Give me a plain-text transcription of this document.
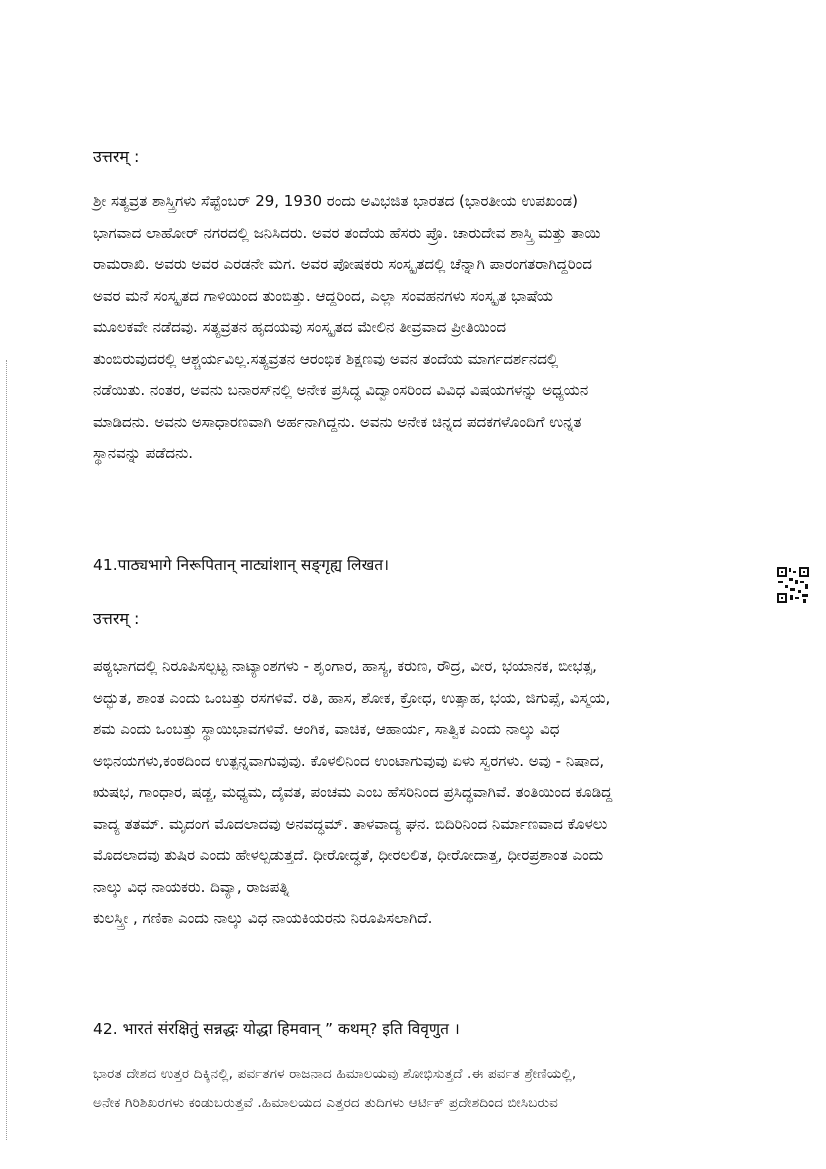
उत्तरम् :
ಶ್ರೀ ಸತ್ಯವ್ರತ ಶಾಸ್ತ್ರಿಗಳು ಸೆಪ್ಟೆಂಬರ್ 29, 1930 ರಂದು ಅವಿಭಜಿತ ಭಾರತದ (ಭಾರತೀಯ ಉಪಖಂಡ)
ಭಾಗವಾದ ಲಾಹೋರ್ ನಗರದಲ್ಲಿ ಜನಿಸಿದರು. ಅವರ ತಂದೆಯ ಹೆಸರು ಪ್ರೊ. ಚಾರುದೇವ ಶಾಸ್ತ್ರಿ ಮತ್ತು ತಾಯಿ
ರಾಮರಾಖಿ. ಅವರು ಅವರ ಎರಡನೇ ಮಗ. ಅವರ ಪೋಷಕರು ಸಂಸ್ಕೃತದಲ್ಲಿ ಚೆನ್ನಾಗಿ ಪಾರಂಗತರಾಗಿದ್ದರಿಂದ
ಅವರ ಮನೆ ಸಂಸ್ಕೃತದ ಗಾಳಿಯಿಂದ ತುಂಬಿತ್ತು. ಆದ್ದರಿಂದ, ಎಲ್ಲಾ ಸಂವಹನಗಳು ಸಂಸ್ಕೃತ ಭಾಷೆಯ
ಮೂಲಕವೇ ನಡೆದವು. ಸತ್ಯವ್ರತನ ಹೃದಯವು ಸಂಸ್ಕೃತದ ಮೇಲಿನ ತೀವ್ರವಾದ ಪ್ರೀತಿಯಿಂದ
ತುಂಬಿರುವುದರಲ್ಲಿ ಆಶ್ಚರ್ಯವಿಲ್ಲ.ಸತ್ಯವ್ರತನ ಆರಂಭಿಕ ಶಿಕ್ಷಣವು ಅವನ ತಂದೆಯ ಮಾರ್ಗದರ್ಶನದಲ್ಲಿ
ನಡೆಯಿತು. ನಂತರ, ಅವನು ಬನಾರಸ್‌ನಲ್ಲಿ ಅನೇಕ ಪ್ರಸಿದ್ಧ ವಿದ್ವಾಂಸರಿಂದ ವಿವಿಧ ವಿಷಯಗಳನ್ನು ಅಧ್ಯಯನ
ಮಾಡಿದನು. ಅವನು ಅಸಾಧಾರಣವಾಗಿ ಅರ್ಹನಾಗಿದ್ದನು. ಅವನು ಅನೇಕ ಚಿನ್ನದ ಪದಕಗಳೊಂದಿಗೆ ಉನ್ನತ
ಸ್ಥಾನವನ್ನು ಪಡೆದನು.
41.पाठ्यभागे निरूपितान् नाट्यांशान् सङ्गृह्य लिखत।
उत्तरम् :
ಪಠ್ಯಭಾಗದಲ್ಲಿ ನಿರೂಪಿಸಲ್ಪಟ್ಟ ನಾಟ್ಯಾಂಶಗಳು - ಶೃಂಗಾರ, ಹಾಸ್ಯ, ಕರುಣ, ರೌದ್ರ, ವೀರ, ಭಯಾನಕ, ಬೀಭತ್ಸ,
ಅದ್ಭುತ, ಶಾಂತ ಎಂದು ಒಂಬತ್ತು ರಸಗಳಿವೆ. ರತಿ, ಹಾಸ, ಶೋಕ, ಕ್ರೋಧ, ಉತ್ಸಾಹ, ಭಯ, ಜಿಗುಪ್ಸೆ, ವಿಸ್ಮಯ,
ಶಮ ಎಂದು ಒಂಬತ್ತು ಸ್ಥಾಯಿಭಾವಗಳಿವೆ. ಆಂಗಿಕ, ವಾಚಿಕ, ಆಹಾರ್ಯ, ಸಾತ್ವಿಕ ಎಂದು ನಾಲ್ಕು ವಿಧ
ಅಭಿನಯಗಳು,ಕಂಠದಿಂದ ಉತ್ಪನ್ನವಾಗುವುವು. ಕೊಳಲಿನಿಂದ ಉಂಟಾಗುವುವು ಏಳು ಸ್ವರಗಳು. ಅವು - ನಿಷಾದ,
ಋಷಭ, ಗಾಂಧಾರ, ಷಡ್ಜ, ಮಧ್ಯಮ, ದೈವತ, ಪಂಚಮ ಎಂಬ ಹೆಸರಿನಿಂದ ಪ್ರಸಿದ್ಧವಾಗಿವೆ. ತಂತಿಯಿಂದ ಕೂಡಿದ್ದ
ವಾದ್ಯ ತತಮ್. ಮೃದಂಗ ಮೊದಲಾದವು ಅನವದ್ಧಮ್. ತಾಳವಾದ್ಯ ಘನ. ಬಿದಿರಿನಿಂದ ನಿರ್ಮಾಣವಾದ ಕೊಳಲು
ಮೊದಲಾದವು ತುಷಿರ ಎಂದು ಹೇಳಲ್ಪಡುತ್ತದೆ. ಧೀರೋದ್ಧತೆ, ಧೀರಲಲಿತ, ಧೀರೋದಾತ್ತ, ಧೀರಪ್ರಶಾಂತ ಎಂದು
ನಾಲ್ಕು ವಿಧ ನಾಯಕರು. ದಿವ್ಯಾ, ರಾಜಪತ್ನಿ
ಕುಲಸ್ತ್ರೀ , ಗಣಿಕಾ ಎಂದು ನಾಲ್ಕು ವಿಧ ನಾಯಕಿಯರನು ನಿರೂಪಿಸಲಾಗಿದೆ.
42. भारतं संरक्षितुं सन्नद्धः योद्धा हिमवान् ” कथम्? इति विवृणुत ।
ಭಾರತ ದೇಶದ ಉತ್ತರ ದಿಕ್ಕಿನಲ್ಲಿ, ಪರ್ವತಗಳ ರಾಜನಾದ ಹಿಮಾಲಯವು ಶೋಭಿಸುತ್ತದೆ .ಈ ಪರ್ವತ ಶ್ರೇಣಿಯಲ್ಲಿ,
ಅನೇಕ ಗಿರಿಶಿಖರಗಳು ಕಂಡುಬರುತ್ತವೆ .ಹಿಮಾಲಯದ ಎತ್ತರದ ತುದಿಗಳು ಆರ್ಟಿಕ್ ಪ್ರದೇಶದಿಂದ ಬೀಸಿಬರುವ
